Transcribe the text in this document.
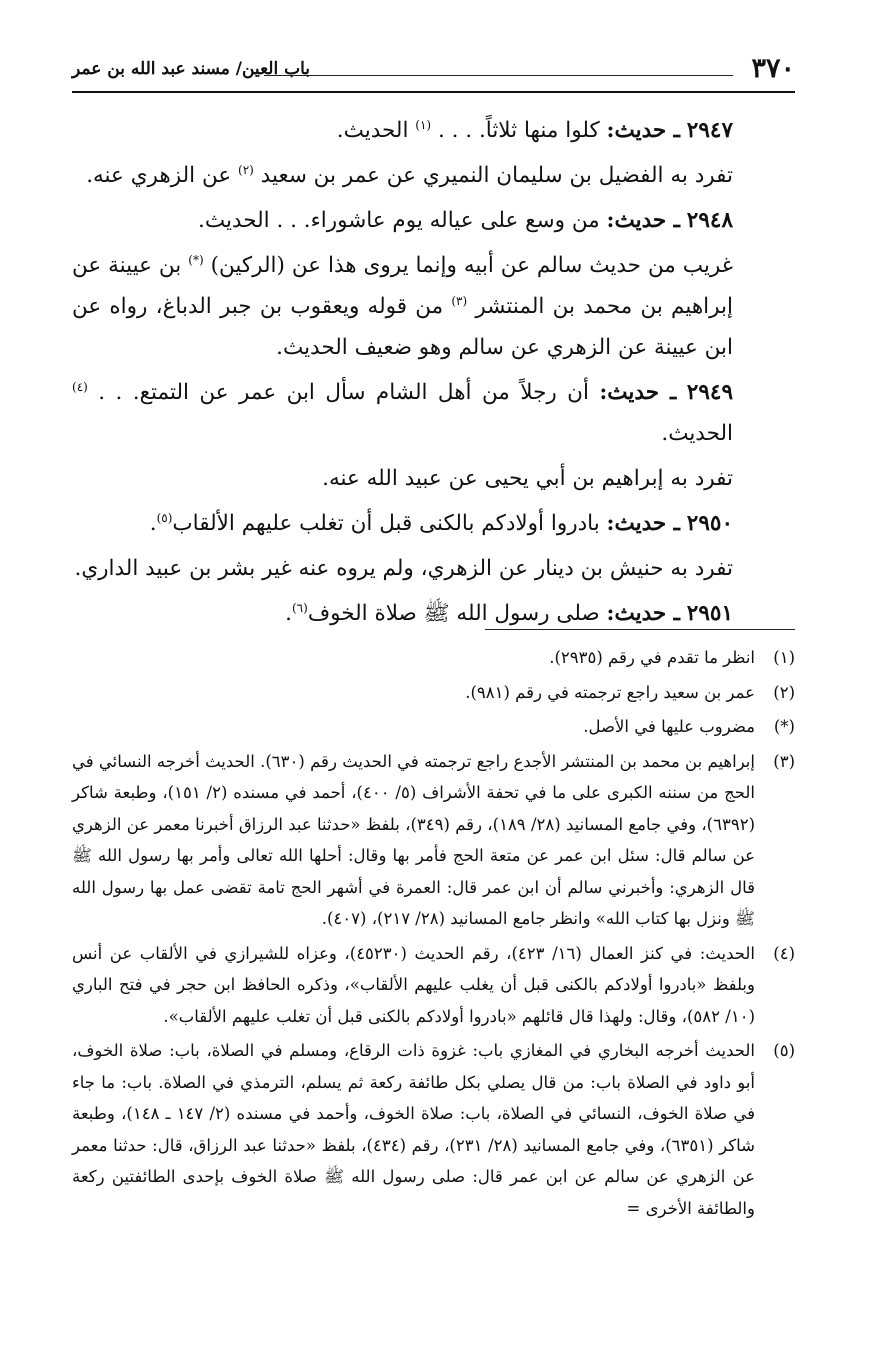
٣٧٠
باب العين/ مسند عبد الله بن عمر

٢٩٤٧ ـ حديث: كلوا منها ثلاثاً. . . . $^{(١)}$ الحديث.

تفرد به الفضيل بن سليمان النميري عن عمر بن سعيد $^{(٢)}$ عن الزهري عنه.

٢٩٤٨ ـ حديث: من وسع على عياله يوم عاشوراء. . . الحديث.

غريب من حديث سالم عن أبيه وإنما يروى هذا عن (الركين) (*) بن عيينة عن إبراهيم بن محمد بن المنتشر $^{(٣)}$ من قوله ويعقوب بن جبر الدباغ، رواه عن ابن عيينة عن الزهري عن سالم وهو ضعيف الحديث.

٢٩٤٩ ـ حديث: أن رجلاً من أهل الشام سأل ابن عمر عن التمتع. . . $^{(٤)}$ الحديث.

تفرد به إبراهيم بن أبي يحيى عن عبيد الله عنه.

٢٩٥٠ ـ حديث: بادروا أولادكم بالكنى قبل أن تغلب عليهم الألقاب$^{(٥)}$.

تفرد به حنيش بن دينار عن الزهري، ولم يروه عنه غير بشر بن عبيد الداري.

٢٩٥١ ـ حديث: صلى رسول الله ﷺ صلاة الخوف$^{(٦)}$.

(١)
انظر ما تقدم في رقم (٢٩٣٥).
(٢)
عمر بن سعيد راجع ترجمته في رقم (٩٨١).
(*)
مضروب عليها في الأصل.
(٣)
إبراهيم بن محمد بن المنتشر الأجدع راجع ترجمته في الحديث رقم (٦٣٠). الحديث أخرجه النسائي في الحج من سننه الكبرى على ما في تحفة الأشراف (٥/ ٤٠٠)، أحمد في مسنده (٢/ ١٥١)، وطبعة شاكر (٦٣٩٢)، وفي جامع المسانيد (٢٨/ ١٨٩)، رقم (٣٤٩)، بلفظ «حدثنا عبد الرزاق أخبرنا معمر عن الزهري عن سالم قال: سئل ابن عمر عن متعة الحج فأمر بها وقال: أحلها الله تعالى وأمر بها رسول الله ﷺ قال الزهري: وأخبرني سالم أن ابن عمر قال: العمرة في أشهر الحج تامة تقضى عمل بها رسول الله ﷺ ونزل بها كتاب الله» وانظر جامع المسانيد (٢٨/ ٢١٧)، (٤٠٧).
(٤)
الحديث: في كنز العمال (١٦/ ٤٢٣)، رقم الحديث (٤٥٢٣٠)، وعزاه للشيرازي في الألقاب عن أنس وبلفظ «بادروا أولادكم بالكنى قبل أن يغلب عليهم الألقاب»، وذكره الحافظ ابن حجر في فتح الباري (١٠/ ٥٨٢)، وقال: ولهذا قال قائلهم «بادروا أولادكم بالكنى قبل أن تغلب عليهم الألقاب».
(٥)
الحديث أخرجه البخاري في المغازي باب: غزوة ذات الرقاع، ومسلم في الصلاة، باب: صلاة الخوف، أبو داود في الصلاة باب: من قال يصلي بكل طائفة ركعة ثم يسلم، الترمذي في الصلاة. باب: ما جاء في صلاة الخوف، النسائي في الصلاة، باب: صلاة الخوف، وأحمد في مسنده (٢/ ١٤٧ ـ ١٤٨)، وطبعة شاكر (٦٣٥١)، وفي جامع المسانيد (٢٨/ ٢٣١)، رقم (٤٣٤)، بلفظ «حدثنا عبد الرزاق، قال: حدثنا معمر عن الزهري عن سالم عن ابن عمر قال: صلى رسول الله ﷺ صلاة الخوف بإحدى الطائفتين ركعة والطائفة الأخرى =
